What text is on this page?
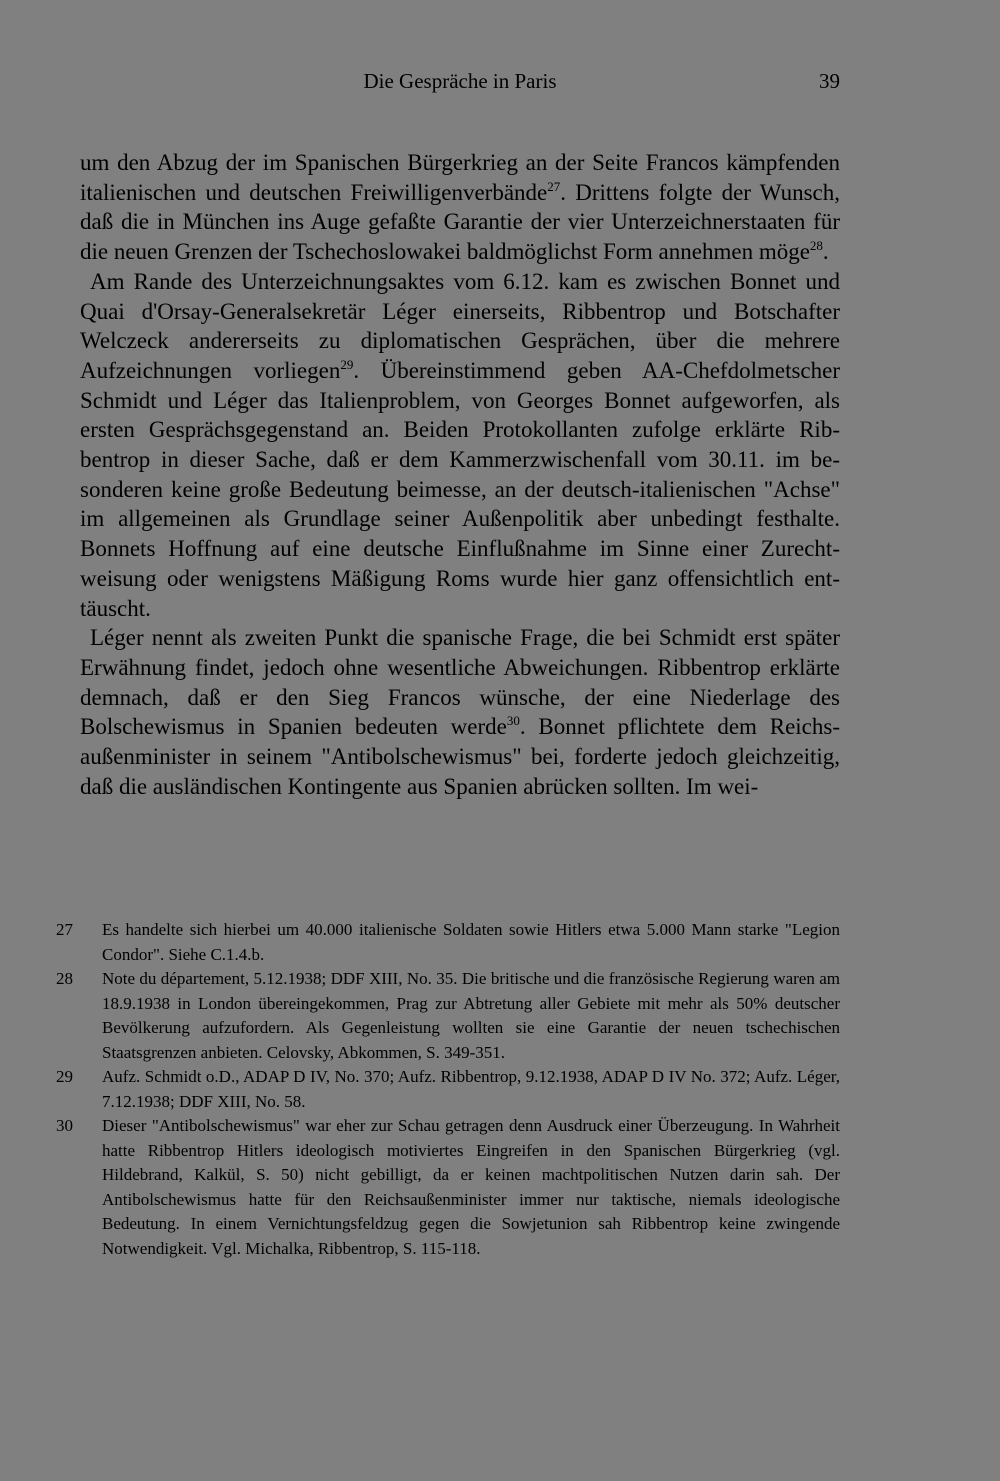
Die Gespräche in Paris	39

um den Abzug der im Spanischen Bürgerkrieg an der Seite Francos kämpfenden italienischen und deutschen Freiwilligenverbände$^{27}$. Drittens folgte der Wunsch, daß die in München ins Auge gefaßte Garantie der vier Unterzeichnerstaaten für die neuen Grenzen der Tschechoslowakei baldmöglichst Form annehmen möge$^{28}$.

Am Rande des Unterzeichnungsaktes vom 6.12. kam es zwischen Bonnet und Quai d'Orsay-Generalsekretär Léger einerseits, Ribbentrop und Botschafter Welczeck andererseits zu diplomatischen Gesprächen, über die mehrere Aufzeichnungen vorliegen$^{29}$. Übereinstimmend geben AA-Chefdolmetscher Schmidt und Léger das Italienproblem, von Georges Bonnet aufgeworfen, als ersten Gesprächsgegenstand an. Beiden Protokollanten zufolge erklärte Ribbentrop in dieser Sache, daß er dem Kammerzwischenfall vom 30.11. im besonderen keine große Bedeutung beimesse, an der deutsch-italienischen "Achse" im allgemeinen als Grundlage seiner Außenpolitik aber unbedingt festhalte. Bonnets Hoffnung auf eine deutsche Einflußnahme im Sinne einer Zurechtweisung oder wenigstens Mäßigung Roms wurde hier ganz offensichtlich enttäuscht.

Léger nennt als zweiten Punkt die spanische Frage, die bei Schmidt erst später Erwähnung findet, jedoch ohne wesentliche Abweichungen. Ribbentrop erklärte demnach, daß er den Sieg Francos wünsche, der eine Niederlage des Bolschewismus in Spanien bedeuten werde$^{30}$. Bonnet pflichtete dem Reichsaußenminister in seinem "Antibolschewismus" bei, forderte jedoch gleichzeitig, daß die ausländischen Kontingente aus Spanien abrücken sollten. Im wei-

27	Es handelte sich hierbei um 40.000 italienische Soldaten sowie Hitlers etwa 5.000 Mann starke "Legion Condor". Siehe C.1.4.b.
28	Note du département, 5.12.1938; DDF XIII, No. 35. Die britische und die französische Regierung waren am 18.9.1938 in London übereingekommen, Prag zur Abtretung aller Gebiete mit mehr als 50% deutscher Bevölkerung aufzufordern. Als Gegenleistung wollten sie eine Garantie der neuen tschechischen Staatsgrenzen anbieten. Celovsky, Abkommen, S. 349-351.
29	Aufz. Schmidt o.D., ADAP D IV, No. 370; Aufz. Ribbentrop, 9.12.1938, ADAP D IV No. 372; Aufz. Léger, 7.12.1938; DDF XIII, No. 58.
30	Dieser "Antibolschewismus" war eher zur Schau getragen denn Ausdruck einer Überzeugung. In Wahrheit hatte Ribbentrop Hitlers ideologisch motiviertes Eingreifen in den Spanischen Bürgerkrieg (vgl. Hildebrand, Kalkül, S. 50) nicht gebilligt, da er keinen machtpolitischen Nutzen darin sah. Der Antibolschewismus hatte für den Reichsaußenminister immer nur taktische, niemals ideologische Bedeutung. In einem Vernichtungsfeldzug gegen die Sowjetunion sah Ribbentrop keine zwingende Notwendigkeit. Vgl. Michalka, Ribbentrop, S. 115-118.
